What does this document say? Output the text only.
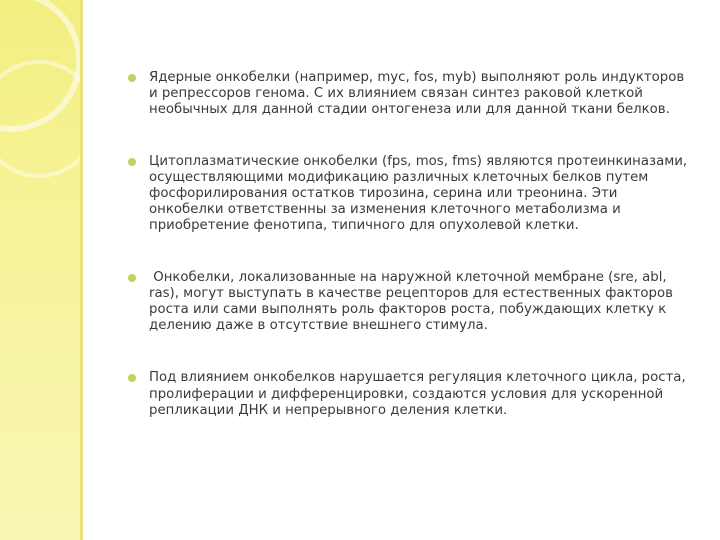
Ядерные онкобелки (например, myc, fos, myb) выполняют роль индукторов и репрессоров генома. С их влиянием связан синтез раковой клеткой необычных для данной стадии онтогенеза или для данной ткани белков.

Цитоплазматические онкобелки (fps, mos, fms) являются протеинкиназами, осуществляющими модификацию различных клеточных белков путем фосфорилирования остатков тирозина, серина или треонина. Эти онкобелки ответственны за изменения клеточного метаболизма и приобретение фенотипа, типичного для опухолевой клетки.

Онкобелки, локализованные на наружной клеточной мембране (sre, abl, ras), могут выступать в качестве рецепторов для естественных факторов роста или сами выполнять роль факторов роста, побуждающих клетку к делению даже в отсутствие внешнего стимула.

Под влиянием онкобелков нарушается регуляция клеточного цикла, роста, пролиферации и дифференцировки, создаются условия для ускоренной репликации ДНК и непрерывного деления клетки.
